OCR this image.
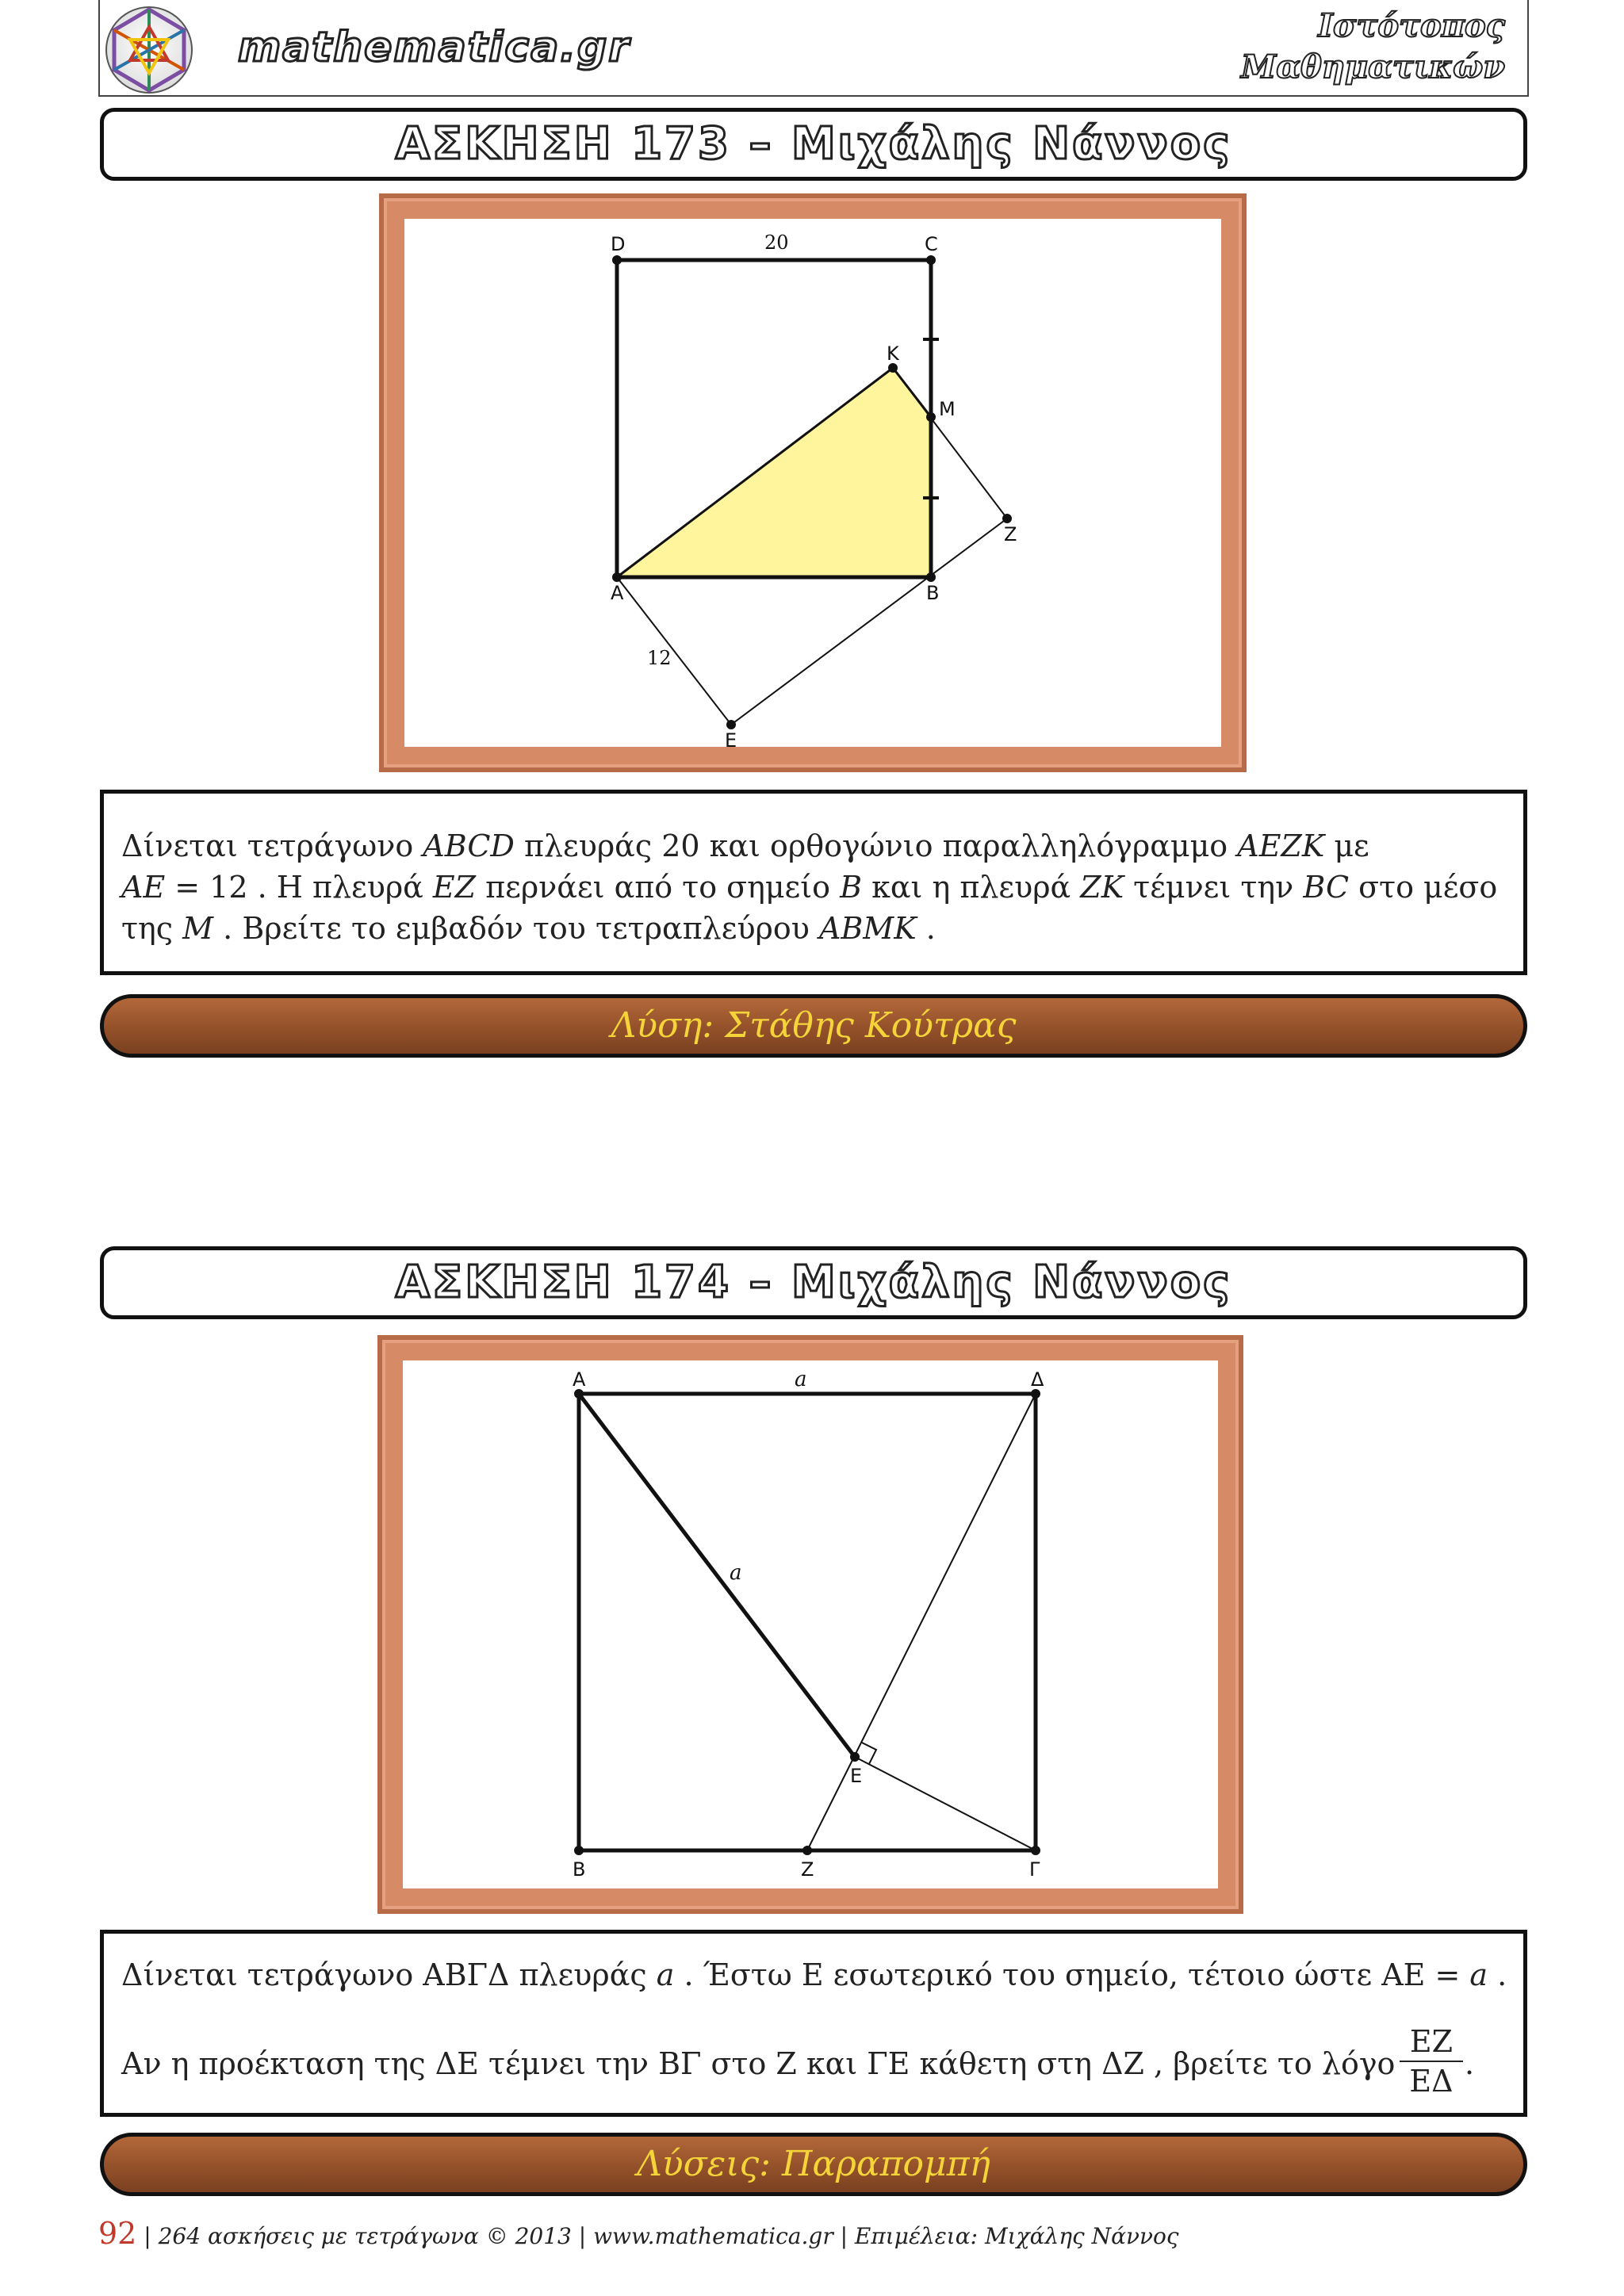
mathematica.gr	Ιστότοπος
Μαθηματικών
ΑΣΚΗΣΗ 173 – Μιχάλης Νάννος
D	C
A	B
K
M
Z
E
20
12

Δίνεται τετράγωνο ABCD πλευράς 20 και ορθογώνιο παραλληλόγραμμο AEZK με

AE = 12 . Η πλευρά EZ περνάει από το σημείο B και η πλευρά ZK τέμνει την BC στο μέσο

της M . Βρείτε το εμβαδόν του τετραπλεύρου ABMK .

Λύση: Στάθης Κούτρας
ΑΣΚΗΣΗ 174 – Μιχάλης Νάννος
Α	Δ
Β	Γ
Ε
Ζ
a
a
Δίνεται τετράγωνο ΑΒΓΔ πλευράς a . Έστω Ε εσωτερικό του σημείο, τέτοιο ώστε ΑΕ = a .
Αν η προέκταση της ΔΕ τέμνει την ΒΓ στο Ζ και ΓΕ κάθετη στη ΔΖ , βρείτε το λόγο $\frac{EZ}{E\Delta}$ .
Λύσεις: Παραπομπή
92 | 264 ασκήσεις με τετράγωνα © 2013 | www.mathematica.gr | Επιμέλεια: Μιχάλης Νάννος
